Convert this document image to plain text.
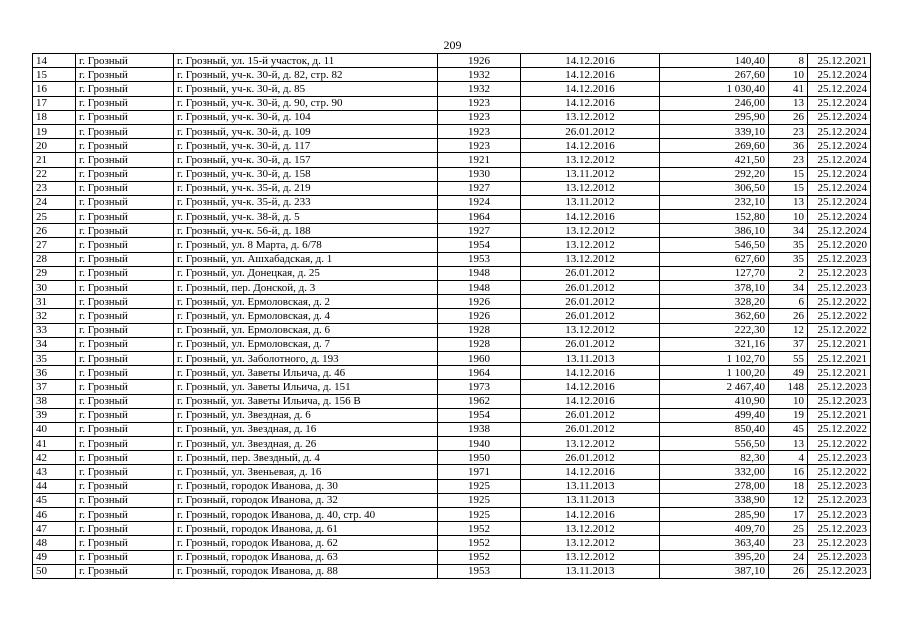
209
14	г. Грозный	г. Грозный, ул. 15-й участок, д. 11	1926	14.12.2016	140,40	8	25.12.2021
15	г. Грозный	г. Грозный, уч-к. 30-й, д. 82, стр. 82	1932	14.12.2016	267,60	10	25.12.2024
16	г. Грозный	г. Грозный, уч-к. 30-й, д. 85	1932	14.12.2016	1 030,40	41	25.12.2024
17	г. Грозный	г. Грозный, уч-к. 30-й, д. 90, стр. 90	1923	14.12.2016	246,00	13	25.12.2024
18	г. Грозный	г. Грозный, уч-к. 30-й, д. 104	1923	13.12.2012	295,90	26	25.12.2024
19	г. Грозный	г. Грозный, уч-к. 30-й, д. 109	1923	26.01.2012	339,10	23	25.12.2024
20	г. Грозный	г. Грозный, уч-к. 30-й, д. 117	1923	14.12.2016	269,60	36	25.12.2024
21	г. Грозный	г. Грозный, уч-к. 30-й, д. 157	1921	13.12.2012	421,50	23	25.12.2024
22	г. Грозный	г. Грозный, уч-к. 30-й, д. 158	1930	13.11.2012	292,20	15	25.12.2024
23	г. Грозный	г. Грозный, уч-к. 35-й, д. 219	1927	13.12.2012	306,50	15	25.12.2024
24	г. Грозный	г. Грозный, уч-к. 35-й, д. 233	1924	13.11.2012	232,10	13	25.12.2024
25	г. Грозный	г. Грозный, уч-к. 38-й, д. 5	1964	14.12.2016	152,80	10	25.12.2024
26	г. Грозный	г. Грозный, уч-к. 56-й, д. 188	1927	13.12.2012	386,10	34	25.12.2024
27	г. Грозный	г. Грозный, ул. 8 Марта, д. 6/78	1954	13.12.2012	546,50	35	25.12.2020
28	г. Грозный	г. Грозный, ул. Ашхабадская, д. 1	1953	13.12.2012	627,60	35	25.12.2023
29	г. Грозный	г. Грозный, ул. Донецкая, д. 25	1948	26.01.2012	127,70	2	25.12.2023
30	г. Грозный	г. Грозный, пер. Донской, д. 3	1948	26.01.2012	378,10	34	25.12.2023
31	г. Грозный	г. Грозный, ул. Ермоловская, д. 2	1926	26.01.2012	328,20	6	25.12.2022
32	г. Грозный	г. Грозный, ул. Ермоловская, д. 4	1926	26.01.2012	362,60	26	25.12.2022
33	г. Грозный	г. Грозный, ул. Ермоловская, д. 6	1928	13.12.2012	222,30	12	25.12.2022
34	г. Грозный	г. Грозный, ул. Ермоловская, д. 7	1928	26.01.2012	321,16	37	25.12.2021
35	г. Грозный	г. Грозный, ул. Заболотного, д. 193	1960	13.11.2013	1 102,70	55	25.12.2021
36	г. Грозный	г. Грозный, ул. Заветы Ильича, д. 46	1964	14.12.2016	1 100,20	49	25.12.2021
37	г. Грозный	г. Грозный, ул. Заветы Ильича, д. 151	1973	14.12.2016	2 467,40	148	25.12.2023
38	г. Грозный	г. Грозный, ул. Заветы Ильича, д. 156 В	1962	14.12.2016	410,90	10	25.12.2023
39	г. Грозный	г. Грозный, ул. Звездная, д. 6	1954	26.01.2012	499,40	19	25.12.2021
40	г. Грозный	г. Грозный, ул. Звездная, д. 16	1938	26.01.2012	850,40	45	25.12.2022
41	г. Грозный	г. Грозный, ул. Звездная, д. 26	1940	13.12.2012	556,50	13	25.12.2022
42	г. Грозный	г. Грозный, пер. Звездный, д. 4	1950	26.01.2012	82,30	4	25.12.2023
43	г. Грозный	г. Грозный, ул. Звеньевая, д. 16	1971	14.12.2016	332,00	16	25.12.2022
44	г. Грозный	г. Грозный, городок Иванова, д. 30	1925	13.11.2013	278,00	18	25.12.2023
45	г. Грозный	г. Грозный, городок Иванова, д. 32	1925	13.11.2013	338,90	12	25.12.2023
46	г. Грозный	г. Грозный, городок Иванова, д. 40, стр. 40	1925	14.12.2016	285,90	17	25.12.2023
47	г. Грозный	г. Грозный, городок Иванова, д. 61	1952	13.12.2012	409,70	25	25.12.2023
48	г. Грозный	г. Грозный, городок Иванова, д. 62	1952	13.12.2012	363,40	23	25.12.2023
49	г. Грозный	г. Грозный, городок Иванова, д. 63	1952	13.12.2012	395,20	24	25.12.2023
50	г. Грозный	г. Грозный, городок Иванова, д. 88	1953	13.11.2013	387,10	26	25.12.2023
